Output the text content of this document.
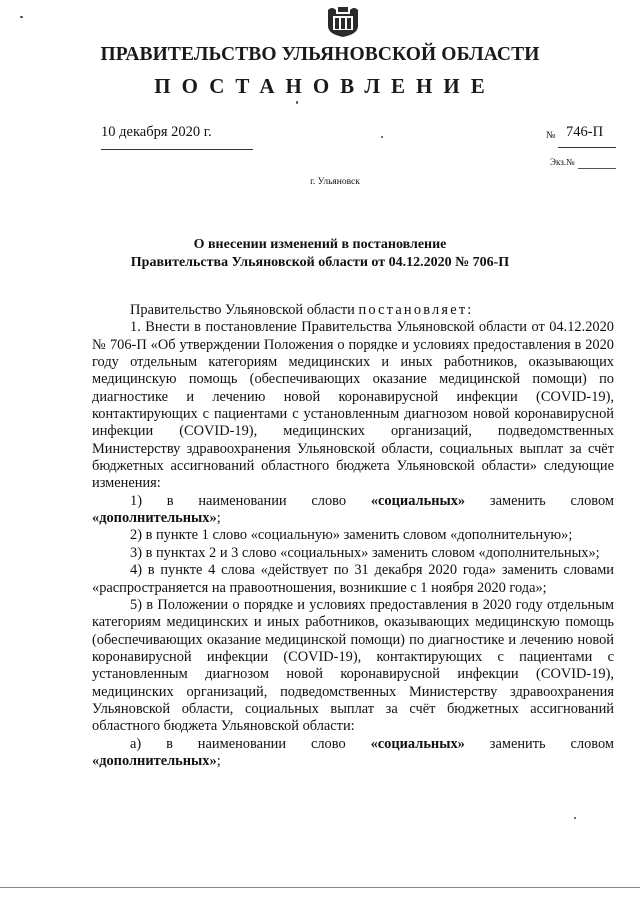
ПРАВИТЕЛЬСТВО УЛЬЯНОВСКОЙ ОБЛАСТИ
ПОСТАНОВЛЕНИЕ
10 декабря 2020 г.	№ 746-П
Экз.№
г. Ульяновск
О внесении изменений в постановление
Правительства Ульяновской области от 04.12.2020 № 706-П

Правительство Ульяновской области постановляет:

1. Внести в постановление Правительства Ульяновской области от 04.12.2020 № 706-П «Об утверждении Положения о порядке и условиях предоставления в 2020 году отдельным категориям медицинских и иных работников, оказывающих медицинскую помощь (обеспечивающих оказание медицинской помощи) по диагностике и лечению новой коронавирусной инфекции (COVID-19), контактирующих с пациентами с установленным диагнозом новой коронавирусной инфекции (COVID-19), медицинских организаций, подведомственных Министерству здравоохранения Ульяновской области, социальных выплат за счёт бюджетных ассигнований областного бюджета Ульяновской области» следующие изменения:

1) в наименовании слово «социальных» заменить словом «дополнительных»;

2) в пункте 1 слово «социальную» заменить словом «дополнительную»;

3) в пунктах 2 и 3 слово «социальных» заменить словом «дополнительных»;

4) в пункте 4 слова «действует по 31 декабря 2020 года» заменить словами «распространяется на правоотношения, возникшие с 1 ноября 2020 года»;

5) в Положении о порядке и условиях предоставления в 2020 году отдельным категориям медицинских и иных работников, оказывающих медицинскую помощь (обеспечивающих оказание медицинской помощи) по диагностике и лечению новой коронавирусной инфекции (COVID-19), контактирующих с пациентами с установленным диагнозом новой коронавирусной инфекции (COVID-19), медицинских организаций, подведомственных Министерству здравоохранения Ульяновской области, социальных выплат за счёт бюджетных ассигнований областного бюджета Ульяновской области:

а) в наименовании слово «социальных» заменить словом «дополнительных»;
